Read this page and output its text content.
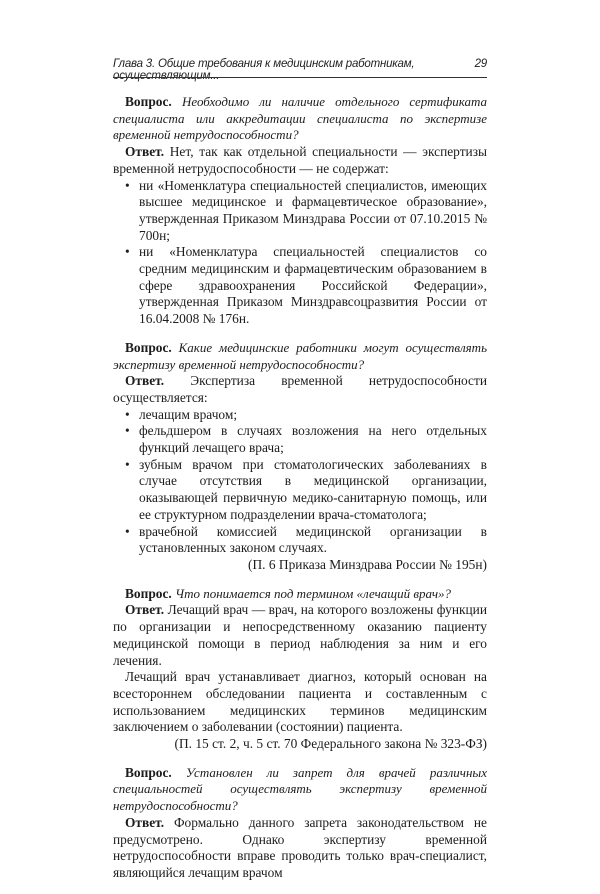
Глава 3. Общие требования к медицинским работникам, осуществляющим...
29

Вопрос. Необходимо ли наличие отдельного сертификата специалиста или аккредитации специалиста по экспертизе временной нетрудоспособности?

Ответ. Нет, так как отдельной специальности — экспертизы временной нетрудоспособности — не содержат:

• ни «Номенклатура специальностей специалистов, имеющих высшее медицинское и фармацевтическое образование», утвержденная Приказом Минздрава России от 07.10.2015 № 700н;
• ни «Номенклатура специальностей специалистов со средним медицинским и фармацевтическим образованием в сфере здравоохранения Российской Федерации», утвержденная Приказом Минздравсоцразвития России от 16.04.2008 № 176н.

Вопрос. Какие медицинские работники могут осуществлять экспертизу временной нетрудоспособности?

Ответ. Экспертиза временной нетрудоспособности осуществляется:

• лечащим врачом;
• фельдшером в случаях возложения на него отдельных функций лечащего врача;
• зубным врачом при стоматологических заболеваниях в случае отсутствия в медицинской организации, оказывающей первичную медико-санитарную помощь, или ее структурном подразделении врача-стоматолога;
• врачебной комиссией медицинской организации в установленных законом случаях.

(П. 6 Приказа Минздрава России № 195н)

Вопрос. Что понимается под термином «лечащий врач»?

Ответ. Лечащий врач — врач, на которого возложены функции по организации и непосредственному оказанию пациенту медицинской помощи в период наблюдения за ним и его лечения.

Лечащий врач устанавливает диагноз, который основан на всестороннем обследовании пациента и составленным с использованием медицинских терминов медицинским заключением о заболевании (состоянии) пациента.

(П. 15 ст. 2, ч. 5 ст. 70 Федерального закона № 323-ФЗ)

Вопрос. Установлен ли запрет для врачей различных специальностей осуществлять экспертизу временной нетрудоспособности?

Ответ. Формально данного запрета законодательством не предусмотрено. Однако экспертизу временной нетрудоспособности вправе проводить только врач-специалист, являющийся лечащим врачом
